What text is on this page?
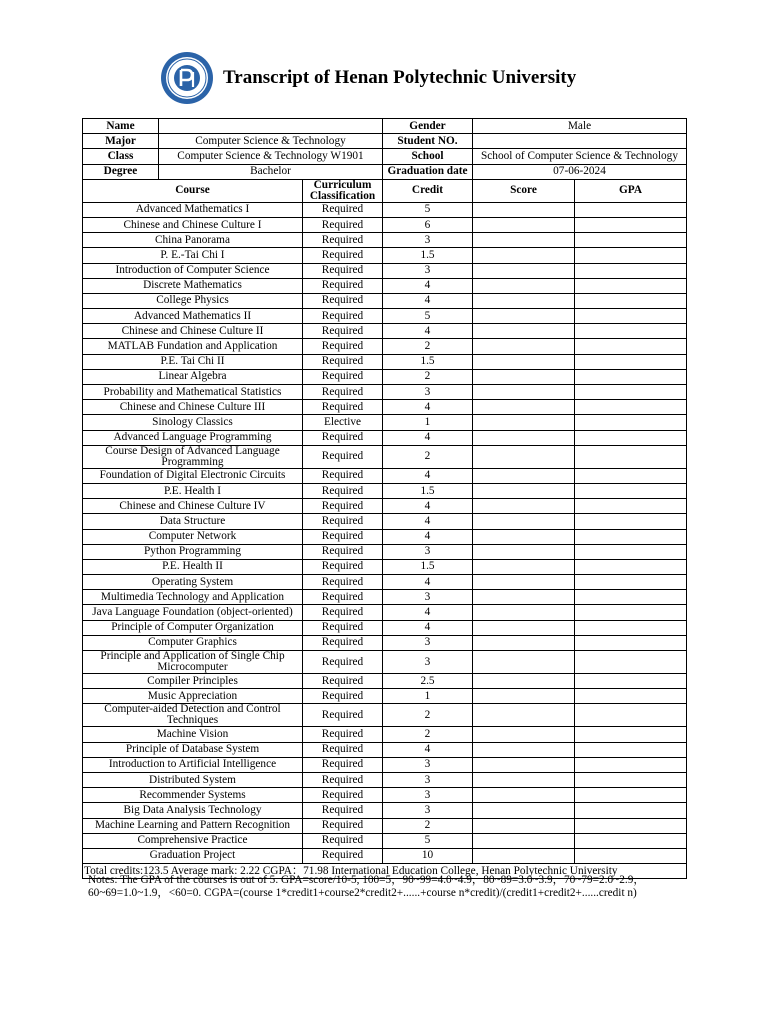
Transcript of Henan Polytechnic University
Name			Gender	Male	
Major	Computer Science & Technology		Student NO.		
Class	Computer Science & Technology W1901		School	School of Computer Science & Technology	
Degree	Bachelor		Graduation date	07-06-2024	
Course		Curriculum Classification	Credit	Score	GPA
Advanced Mathematics I		Required	5		
Chinese and Chinese Culture I		Required	6		
China Panorama		Required	3		
P. E.-Tai Chi I		Required	1.5		
Introduction of Computer Science		Required	3		
Discrete Mathematics		Required	4		
College Physics		Required	4		
Advanced Mathematics II		Required	5		
Chinese and Chinese Culture II		Required	4		
MATLAB Fundation and Application		Required	2		
P.E. Tai Chi II		Required	1.5		
Linear Algebra		Required	2		
Probability and Mathematical Statistics		Required	3		
Chinese and Chinese Culture III		Required	4		
Sinology Classics		Elective	1		
Advanced Language Programming		Required	4		
Course Design of Advanced Language Programming		Required	2		
Foundation of Digital Electronic Circuits		Required	4		
P.E. Health I		Required	1.5		
Chinese and Chinese Culture IV		Required	4		
Data Structure		Required	4		
Computer Network		Required	4		
Python Programming		Required	3		
P.E. Health II		Required	1.5		
Operating System		Required	4		
Multimedia Technology and Application		Required	3		
Java Language Foundation (object-oriented)		Required	4		
Principle of Computer Organization		Required	4		
Computer Graphics		Required	3		
Principle and Application of Single Chip Microcomputer		Required	3		
Compiler Principles		Required	2.5		
Music Appreciation		Required	1		
Computer-aided Detection and Control Techniques		Required	2		
Machine Vision		Required	2		
Principle of Database System		Required	4		
Introduction to Artificial Intelligence		Required	3		
Distributed System		Required	3		
Recommender Systems		Required	3		
Big Data Analysis Technology		Required	3		
Machine Learning and Pattern Recognition		Required	2		
Comprehensive Practice		Required	5		
Graduation Project		Required	10		
Total credits:123.5 Average mark: 2.22 CGPA：71.98 International Education College, Henan Polytechnic University					
Notes: The GPA of the courses is out of 5. GPA=score/10-5, 100=5，90~99=4.0~4.9，80~89=3.0~3.9，70~79=2.0~2.9，60~69=1.0~1.9，<60=0. CGPA=(course 1*credit1+course2*credit2+......+course n*credit)/(credit1+credit2+......credit n)
